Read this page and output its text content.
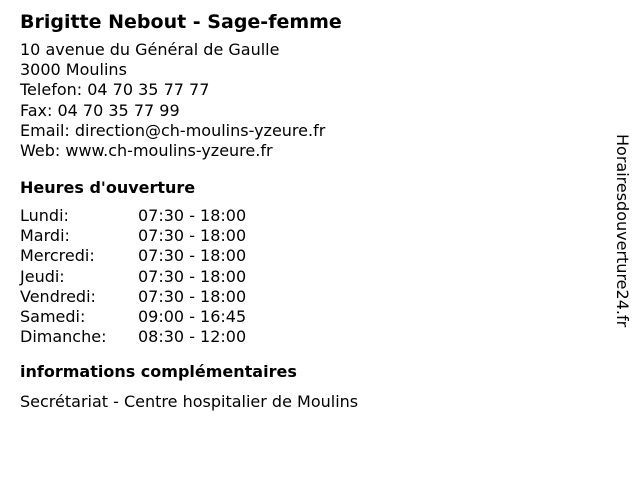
Brigitte Nebout - Sage-femme
10 avenue du Général de Gaulle
3000 Moulins
Telefon: 04 70 35 77 77
Fax: 04 70 35 77 99
Email: direction@ch-moulins-yzeure.fr
Web: www.ch-moulins-yzeure.fr
Heures d'ouverture
Lundi:	07:30 - 18:00
Mardi:	07:30 - 18:00
Mercredi:	07:30 - 18:00
Jeudi:	07:30 - 18:00
Vendredi:	07:30 - 18:00
Samedi:	09:00 - 16:45
Dimanche: 08:30 - 12:00
informations complémentaires
Secrétariat - Centre hospitalier de Moulins
Horairesdouverture24.fr
